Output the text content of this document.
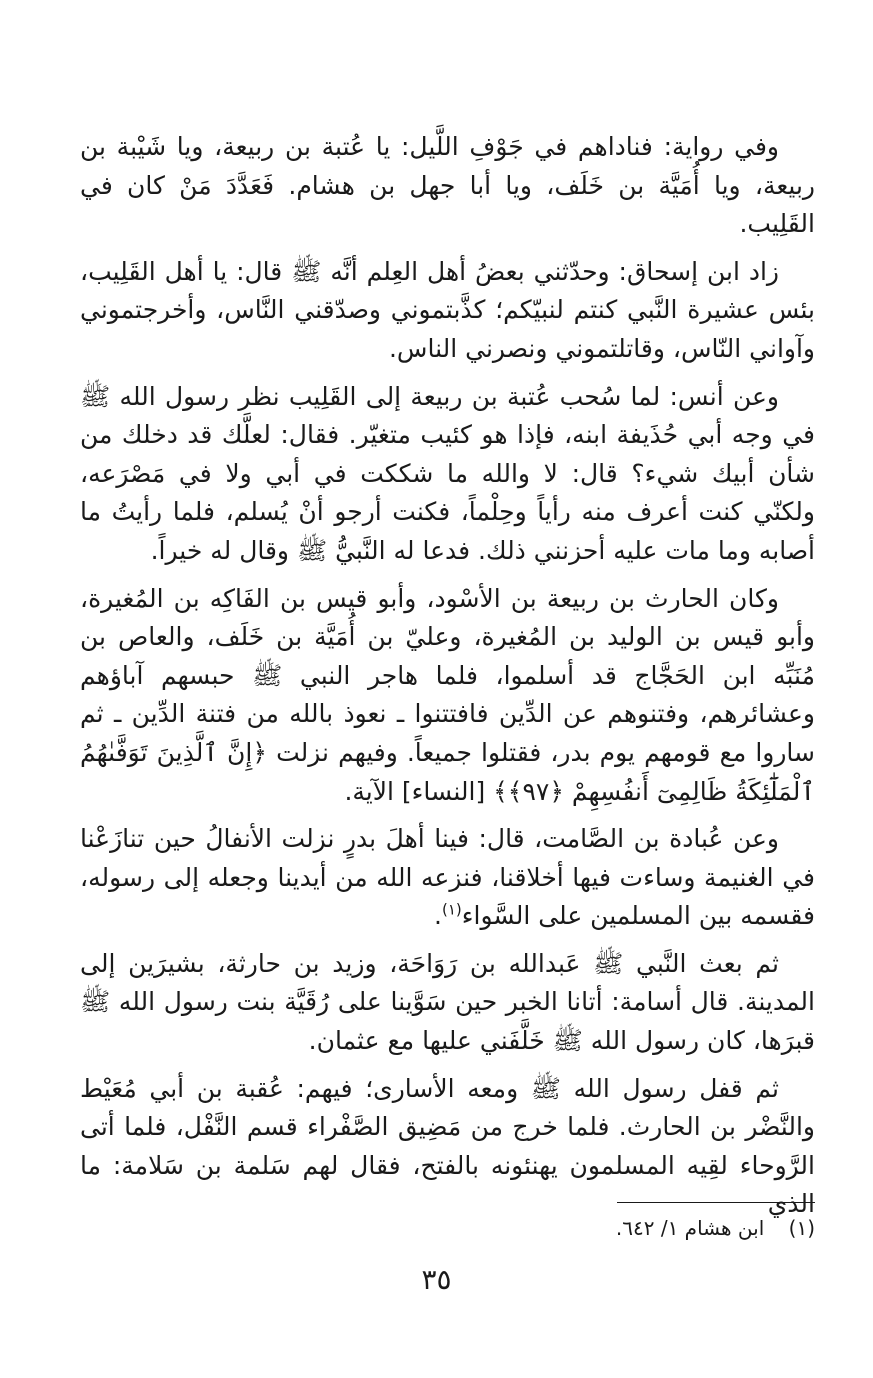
وفي رواية: فناداهم في جَوْفِ اللَّيل: يا عُتبة بن ربيعة، ويا شَيْبة بن ربيعة، ويا أُمَيَّة بن خَلَف، ويا أبا جهل بن هشام. فَعَدَّدَ مَنْ كان في القَلِيب.

زاد ابن إسحاق: وحدّثني بعضُ أهل العِلم أنَّه ﷺ قال: يا أهل القَلِيب، بئس عشيرة النَّبي كنتم لنبيّكم؛ كذَّبتموني وصدّقني النَّاس، وأخرجتموني وآواني النّاس، وقاتلتموني ونصرني الناس.

وعن أنس: لما سُحب عُتبة بن ربيعة إلى القَلِيب نظر رسول الله ﷺ في وجه أبي حُذَيفة ابنه، فإذا هو كئيب متغيّر. فقال: لعلَّك قد دخلك من شأن أبيك شيء؟ قال: لا والله ما شككت في أبي ولا في مَصْرَعه، ولكنّي كنت أعرف منه رأياً وحِلْماً، فكنت أرجو أنْ يُسلم، فلما رأيتُ ما أصابه وما مات عليه أحزنني ذلك. فدعا له النَّبيُّ ﷺ وقال له خيراً.

وكان الحارث بن ربيعة بن الأسْود، وأبو قيس بن الفَاكِه بن المُغيرة، وأبو قيس بن الوليد بن المُغيرة، وعليّ بن أُمَيَّة بن خَلَف، والعاص بن مُنَبِّه ابن الحَجَّاج قد أسلموا، فلما هاجر النبي ﷺ حبسهم آباؤهم وعشائرهم، وفتنوهم عن الدِّين فافتتنوا ـ نعوذ بالله من فتنة الدِّين ـ ثم ساروا مع قومهم يوم بدر، فقتلوا جميعاً. وفيهم نزلت ﴿إِنَّ ٱلَّذِينَ تَوَفَّىٰهُمُ ٱلْمَلَٰٓئِكَةُ ظَالِمِىٓ أَنفُسِهِمْ ﴿٩٧﴾﴾ [النساء] الآية.

وعن عُبادة بن الصَّامت، قال: فينا أهلَ بدرٍ نزلت الأنفالُ حين تنازَعْنا في الغنيمة وساءت فيها أخلاقنا، فنزعه الله من أيدينا وجعله إلى رسوله، فقسمه بين المسلمين على السَّواء$^{(١)}$.

ثم بعث النَّبي ﷺ عَبدالله بن رَوَاحَة، وزيد بن حارثة، بشيرَين إلى المدينة. قال أسامة: أتانا الخبر حين سَوَّينا على رُقَيَّة بنت رسول الله ﷺ قبرَها، كان رسول الله ﷺ خَلَّفَني عليها مع عثمان.

ثم قفل رسول الله ﷺ ومعه الأسارى؛ فيهم: عُقبة بن أبي مُعَيْط والنَّضْر بن الحارث. فلما خرج من مَضِيق الصَّفْراء قسم النَّفْل، فلما أتى الرَّوحاء لقِيه المسلمون يهنئونه بالفتح، فقال لهم سَلمة بن سَلامة: ما الذي

(١) ابن هشام ١/ ٦٤٢.
٣٥
